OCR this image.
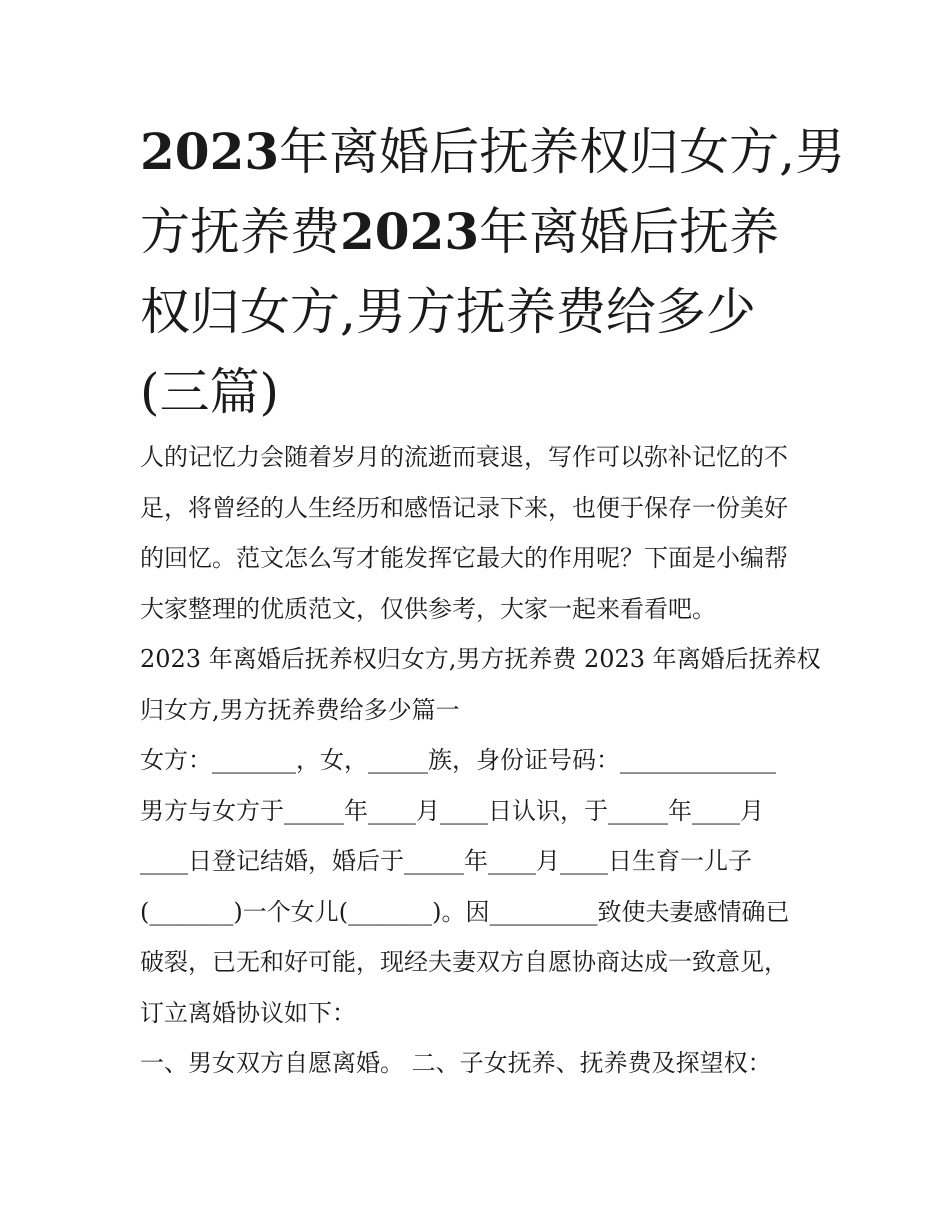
2023年离婚后抚养权归女方,男
方抚养费2023年离婚后抚养
权归女方,男方抚养费给多少
(三篇)
人的记忆力会随着岁月的流逝而衰退，写作可以弥补记忆的不
足，将曾经的人生经历和感悟记录下来，也便于保存一份美好
的回忆。范文怎么写才能发挥它最大的作用呢？下面是小编帮
大家整理的优质范文，仅供参考，大家一起来看看吧。
2023 年离婚后抚养权归女方,男方抚养费 2023 年离婚后抚养权
归女方,男方抚养费给多少篇一
女方：_______，女，_____族，身份证号码：_____________
男方与女方于_____年____月____日认识，于_____年____月
____日登记结婚，婚后于_____年____月____日生育一儿子
(_______)一个女儿(_______)。因_________致使夫妻感情确已
破裂，已无和好可能，现经夫妻双方自愿协商达成一致意见，
订立离婚协议如下：
一、男女双方自愿离婚。 二、子女抚养、抚养费及探望权：
